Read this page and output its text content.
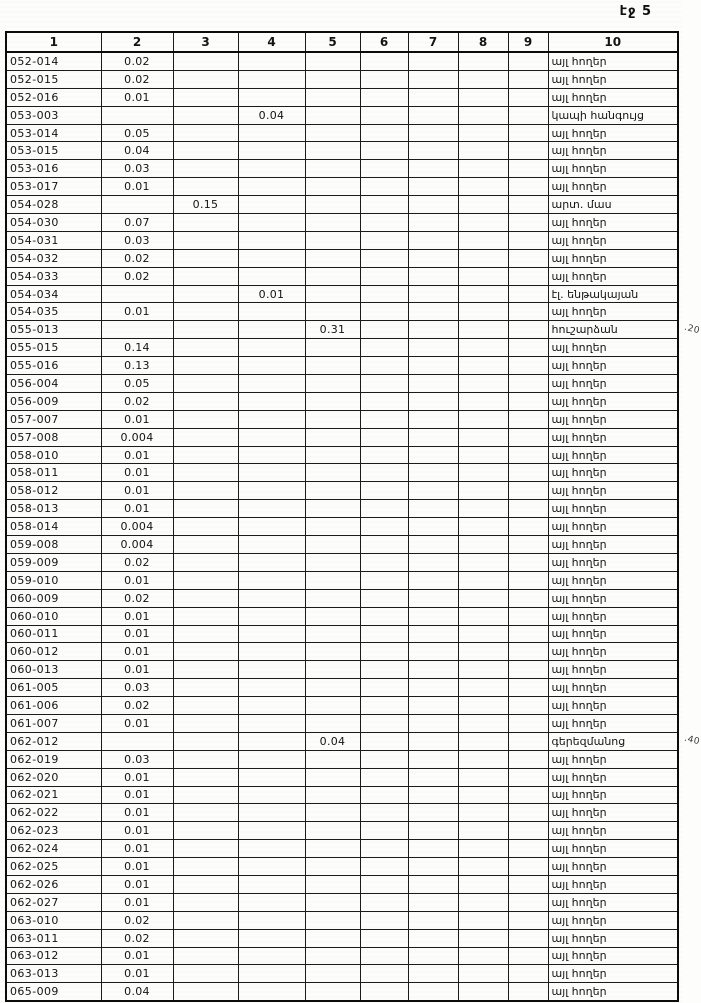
էջ 5
1	2	3	4	5	6	7	8	9	10
052-014	0.02								այլ հողեր
052-015	0.02								այլ հողեր
052-016	0.01								այլ հողեր
053-003			0.04						կապի հանգույց
053-014	0.05								այլ հողեր
053-015	0.04								այլ հողեր
053-016	0.03								այլ հողեր
053-017	0.01								այլ հողեր
054-028		0.15							արտ. մաս
054-030	0.07								այլ հողեր
054-031	0.03								այլ հողեր
054-032	0.02								այլ հողեր
054-033	0.02								այլ հողեր
054-034			0.01						էլ. ենթակայան
054-035	0.01								այլ հողեր
055-013				0.31					հուշարձան .20

055-015	0.14								այլ հողեր
055-016	0.13								այլ հողեր
056-004	0.05								այլ հողեր
056-009	0.02								այլ հողեր
057-007	0.01								այլ հողեր
057-008	0.004								այլ հողեր
058-010	0.01								այլ հողեր
058-011	0.01								այլ հողեր
058-012	0.01								այլ հողեր
058-013	0.01								այլ հողեր
058-014	0.004								այլ հողեր
059-008	0.004								այլ հողեր
059-009	0.02								այլ հողեր
059-010	0.01								այլ հողեր
060-009	0.02								այլ հողեր
060-010	0.01								այլ հողեր
060-011	0.01								այլ հողեր
060-012	0.01								այլ հողեր
060-013	0.01								այլ հողեր
061-005	0.03								այլ հողեր
061-006	0.02								այլ հողեր
061-007	0.01								այլ հողեր
062-012				0.04					գերեզմանոց .40

062-019	0.03								այլ հողեր
062-020	0.01								այլ հողեր
062-021	0.01								այլ հողեր
062-022	0.01								այլ հողեր
062-023	0.01								այլ հողեր
062-024	0.01								այլ հողեր
062-025	0.01								այլ հողեր
062-026	0.01								այլ հողեր
062-027	0.01								այլ հողեր
063-010	0.02								այլ հողեր
063-011	0.02								այլ հողեր
063-012	0.01								այլ հողեր
063-013	0.01								այլ հողեր
065-009	0.04								այլ հողեր
